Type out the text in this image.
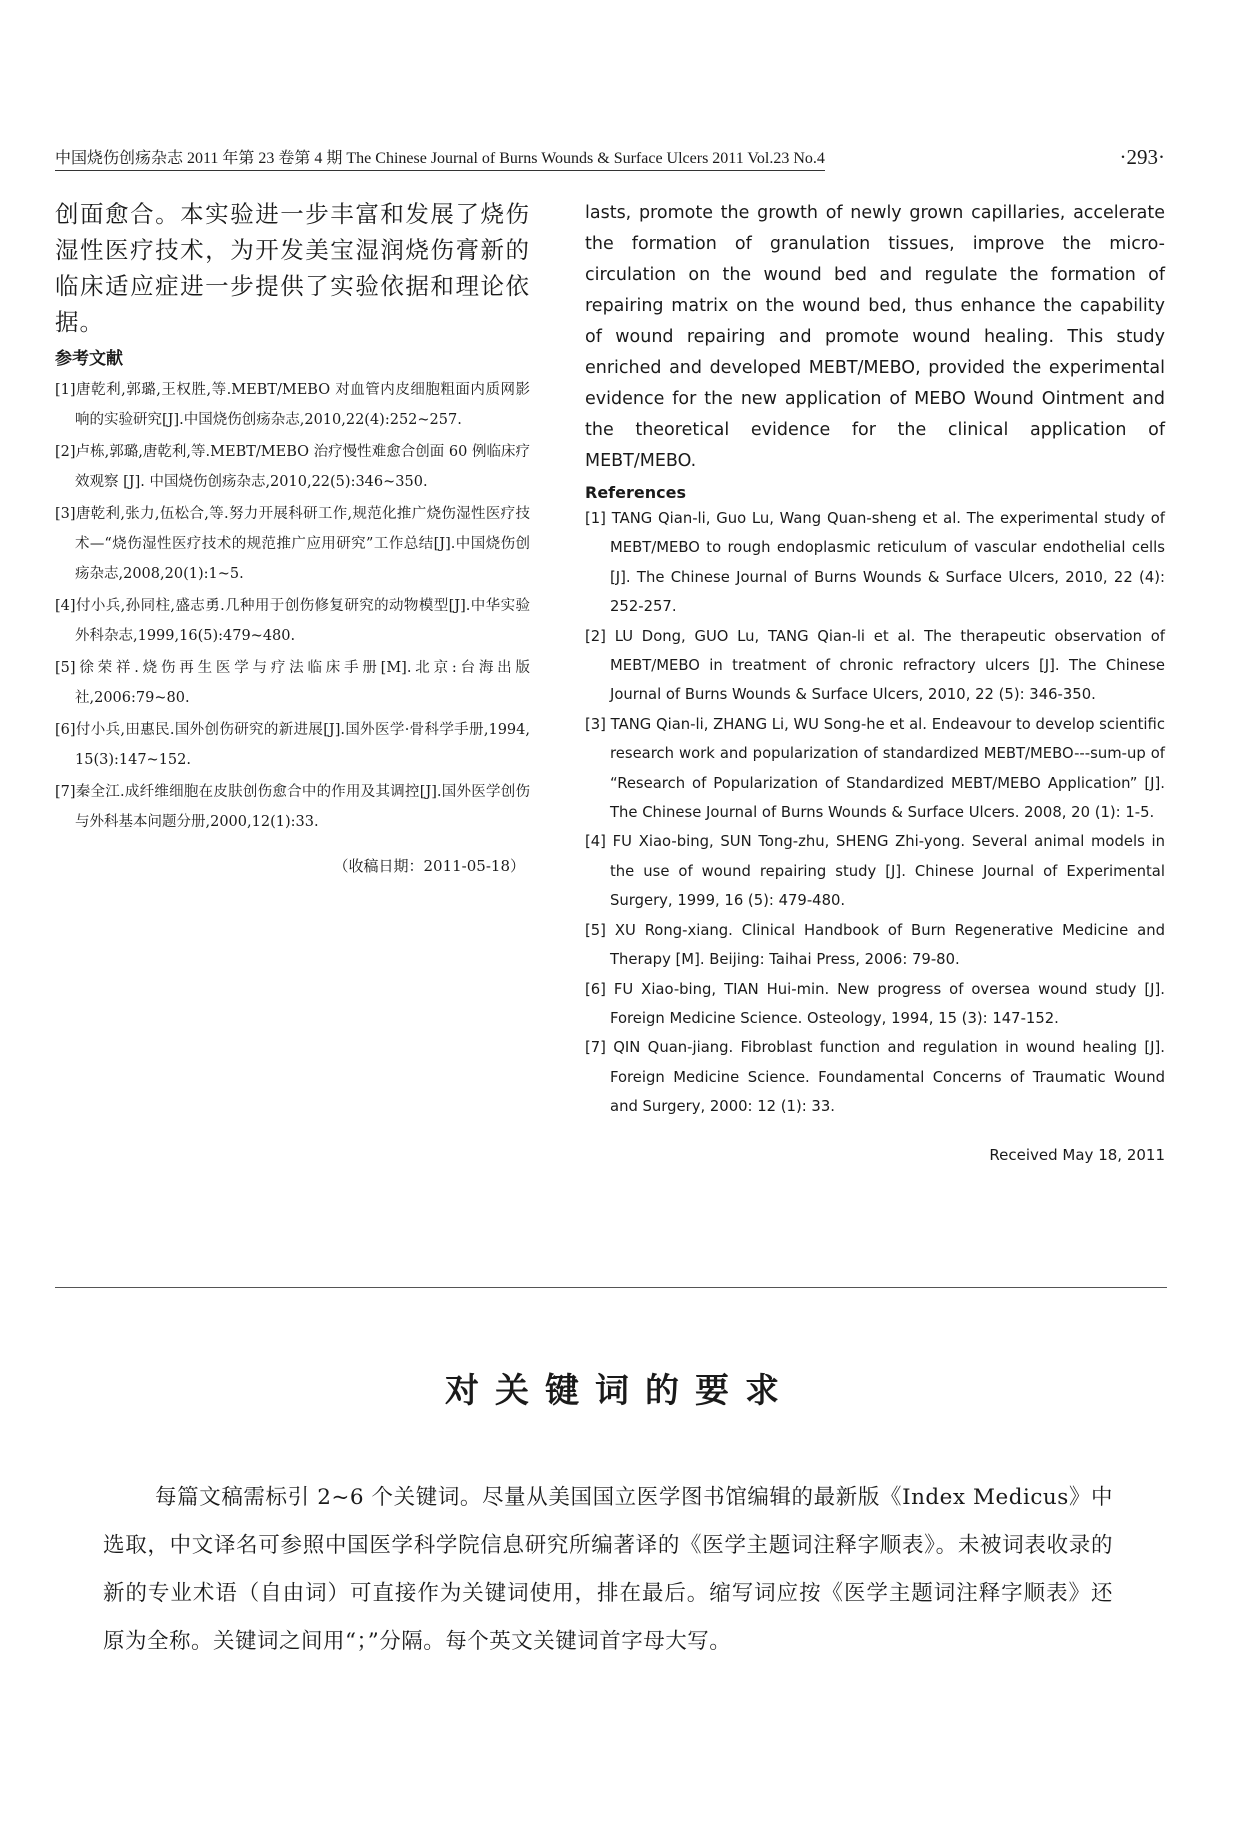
中国烧伤创疡杂志 2011 年第 23 卷第 4 期 The Chinese Journal of Burns Wounds & Surface Ulcers 2011 Vol.23 No.4	·293·

创面愈合。本实验进一步丰富和发展了烧伤湿性医疗技术，为开发美宝湿润烧伤膏新的临床适应症进一步提供了实验依据和理论依据。

参考文献

[1]唐乾利,郭璐,王权胜,等.MEBT/MEBO 对血管内皮细胞粗面内质网影响的实验研究[J].中国烧伤创疡杂志,2010,22(4):252~257.

[2]卢栋,郭璐,唐乾利,等.MEBT/MEBO 治疗慢性难愈合创面 60 例临床疗效观察 [J]. 中国烧伤创疡杂志,2010,22(5):346~350.

[3]唐乾利,张力,伍松合,等.努力开展科研工作,规范化推广烧伤湿性医疗技术—“烧伤湿性医疗技术的规范推广应用研究”工作总结[J].中国烧伤创疡杂志,2008,20(1):1~5.

[4]付小兵,孙同柱,盛志勇.几种用于创伤修复研究的动物模型[J].中华实验外科杂志,1999,16(5):479~480.

[5]徐荣祥.烧伤再生医学与疗法临床手册[M].北京:台海出版社,2006:79~80.

[6]付小兵,田惠民.国外创伤研究的新进展[J].国外医学·骨科学手册,1994, 15(3):147~152.

[7]秦全江.成纤维细胞在皮肤创伤愈合中的作用及其调控[J].国外医学创伤与外科基本问题分册,2000,12(1):33.

（收稿日期：2011-05-18）

lasts, promote the growth of newly grown capillaries, accelerate the formation of granulation tissues, improve the micro-circulation on the wound bed and regulate the formation of repairing matrix on the wound bed, thus enhance the capability of wound repairing and promote wound healing. This study enriched and developed MEBT/MEBO, provided the experimental evidence for the new application of MEBO Wound Ointment and the theoretical evidence for the clinical application of MEBT/MEBO.

References

[1] TANG Qian-li, Guo Lu, Wang Quan-sheng et al. The experimental study of MEBT/MEBO to rough endoplasmic reticulum of vascular endothelial cells [J]. The Chinese Journal of Burns Wounds & Surface Ulcers, 2010, 22 (4): 252-257.

[2] LU Dong, GUO Lu, TANG Qian-li et al. The therapeutic observation of MEBT/MEBO in treatment of chronic refractory ulcers [J]. The Chinese Journal of Burns Wounds & Surface Ulcers, 2010, 22 (5): 346-350.

[3] TANG Qian-li, ZHANG Li, WU Song-he et al. Endeavour to develop scientific research work and popularization of standardized MEBT/MEBO---sum-up of “Research of Popularization of Standardized MEBT/MEBO Application” [J]. The Chinese Journal of Burns Wounds & Surface Ulcers. 2008, 20 (1): 1-5.

[4] FU Xiao-bing, SUN Tong-zhu, SHENG Zhi-yong. Several animal models in the use of wound repairing study [J]. Chinese Journal of Experimental Surgery, 1999, 16 (5): 479-480.

[5] XU Rong-xiang. Clinical Handbook of Burn Regenerative Medicine and Therapy [M]. Beijing: Taihai Press, 2006: 79-80.

[6] FU Xiao-bing, TIAN Hui-min. New progress of oversea wound study [J]. Foreign Medicine Science. Osteology, 1994, 15 (3): 147-152.

[7] QIN Quan-jiang. Fibroblast function and regulation in wound healing [J]. Foreign Medicine Science. Foundamental Concerns of Traumatic Wound and Surgery, 2000: 12 (1): 33.

Received May 18, 2011
对关键词的要求

每篇文稿需标引 2~6 个关键词。尽量从美国国立医学图书馆编辑的最新版《Index Medicus》中选取，中文译名可参照中国医学科学院信息研究所编著译的《医学主题词注释字顺表》。未被词表收录的新的专业术语（自由词）可直接作为关键词使用，排在最后。缩写词应按《医学主题词注释字顺表》还原为全称。关键词之间用“；”分隔。每个英文关键词首字母大写。
